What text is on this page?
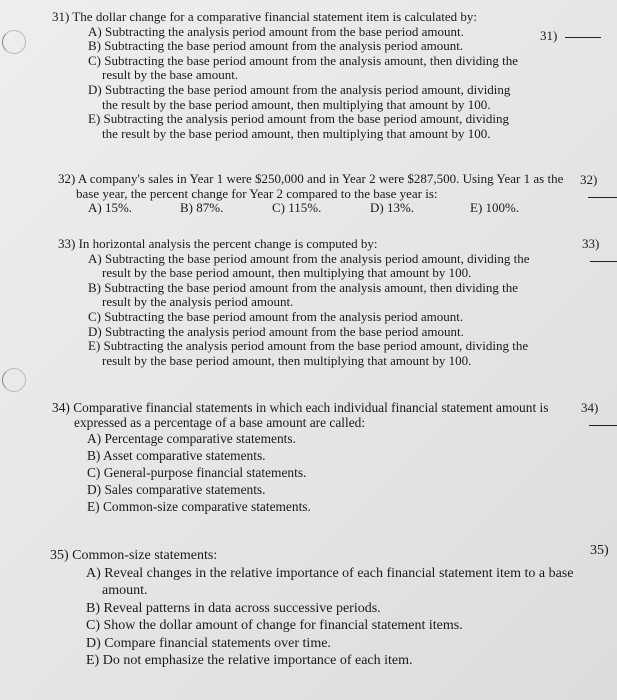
31) The dollar change for a comparative financial statement item is calculated by:
A) Subtracting the analysis period amount from the base period amount.
B) Subtracting the base period amount from the analysis period amount.
C) Subtracting the base period amount from the analysis amount, then dividing the result by the base amount.
D) Subtracting the base period amount from the analysis period amount, dividing the result by the base period amount, then multiplying that amount by 100.
E) Subtracting the analysis period amount from the base period amount, dividing the result by the base period amount, then multiplying that amount by 100.
31)
32) A company's sales in Year 1 were $250,000 and in Year 2 were $287,500. Using Year 1 as the base year, the percent change for Year 2 compared to the base year is:
A) 15%.	B) 87%.	C) 115%.	D) 13%.	E) 100%.
32)
33) In horizontal analysis the percent change is computed by:
A) Subtracting the base period amount from the analysis period amount, dividing the result by the base period amount, then multiplying that amount by 100.
B) Subtracting the base period amount from the analysis amount, then dividing the result by the analysis period amount.
C) Subtracting the base period amount from the analysis period amount.
D) Subtracting the analysis period amount from the base period amount.
E) Subtracting the analysis period amount from the base period amount, dividing the result by the base period amount, then multiplying that amount by 100.
33)
34) Comparative financial statements in which each individual financial statement amount is expressed as a percentage of a base amount are called:
A) Percentage comparative statements.
B) Asset comparative statements.
C) General-purpose financial statements.
D) Sales comparative statements.
E) Common-size comparative statements.
34)
35) Common-size statements:
A) Reveal changes in the relative importance of each financial statement item to a base amount.
B) Reveal patterns in data across successive periods.
C) Show the dollar amount of change for financial statement items.
D) Compare financial statements over time.
E) Do not emphasize the relative importance of each item.
35)
